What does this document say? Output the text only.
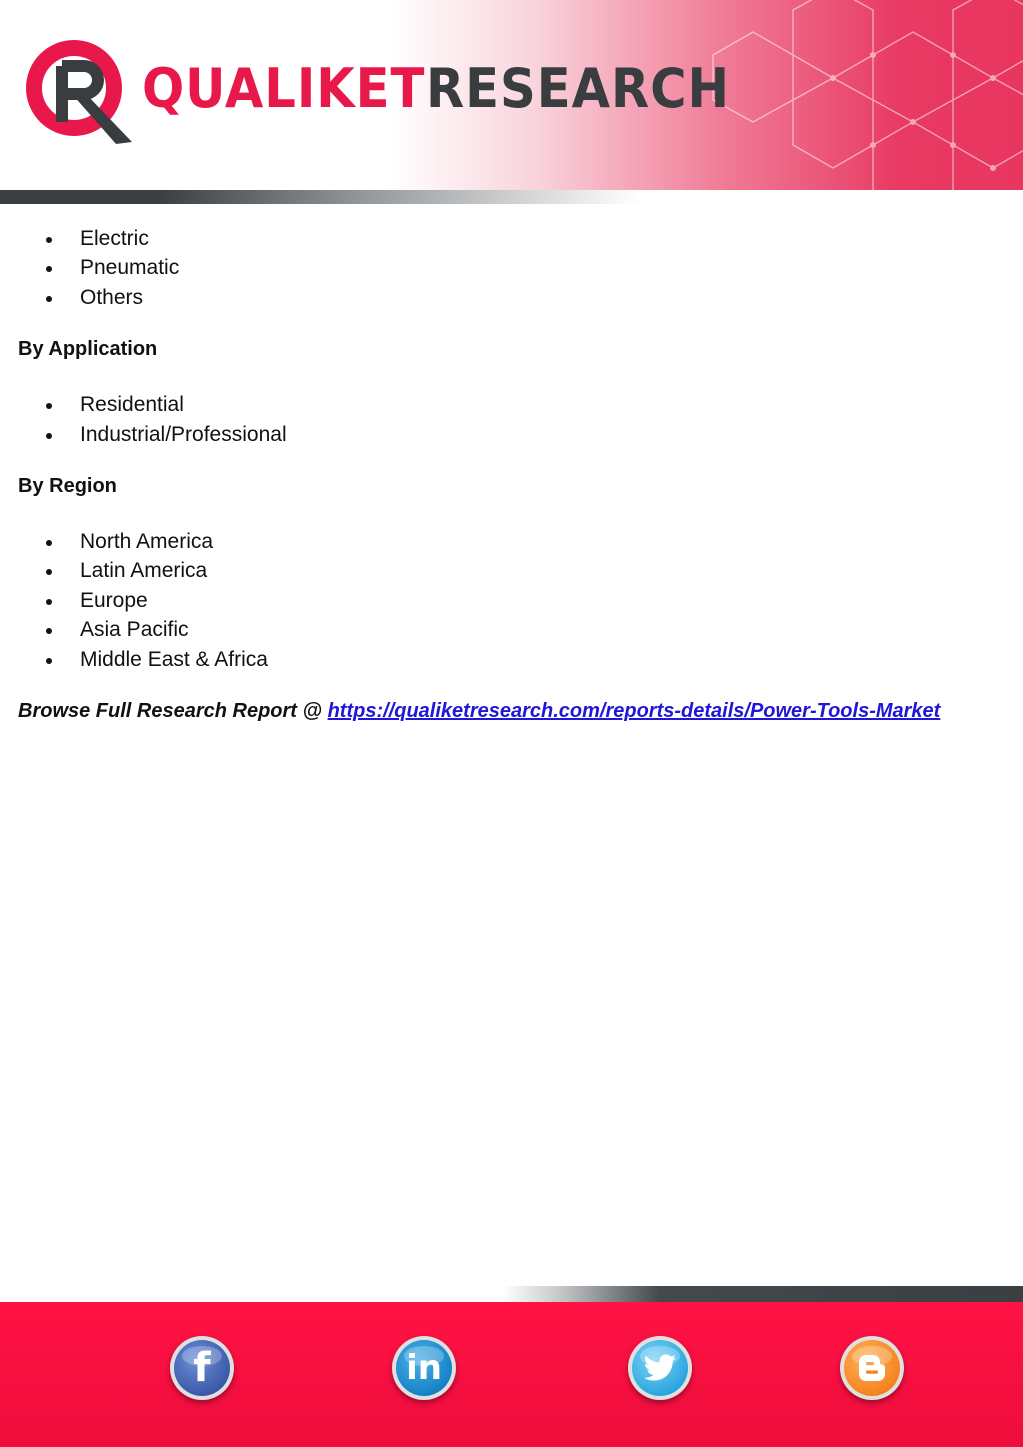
QUALIKET RESEARCH
Electric
Pneumatic
Others
By Application
Residential
Industrial/Professional
By Region
North America
Latin America
Europe
Asia Pacific
Middle East & Africa
Browse Full Research Report @ https://qualiketresearch.com/reports-details/Power-Tools-Market
f	in
